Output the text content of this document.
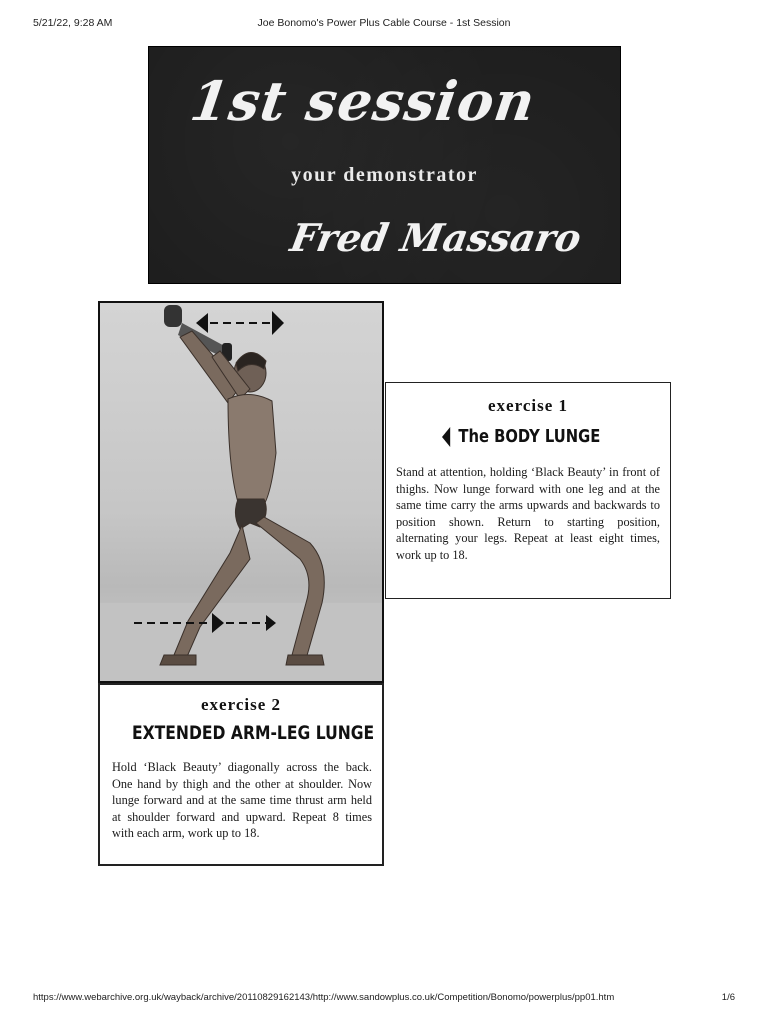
5/21/22, 9:28 AM	Joe Bonomo's Power Plus Cable Course - 1st Session
1st session
your demonstrator
Fred Massaro
exercise 1
The BODY LUNGE
Stand at attention, holding ‘Black Beauty’ in front of thighs. Now lunge forward with one leg and at the same time carry the arms upwards and backwards to position shown. Return to starting position, alternating your legs. Repeat at least eight times, work up to 18.
exercise 2
EXTENDED ARM-LEG LUNGE
Hold ‘Black Beauty’ diagonally across the back. One hand by thigh and the other at shoulder. Now lunge forward and at the same time thrust arm held at shoulder forward and upward. Repeat 8 times with each arm, work up to 18.
https://www.webarchive.org.uk/wayback/archive/20110829162143/http://www.sandowplus.co.uk/Competition/Bonomo/powerplus/pp01.htm	1/6
